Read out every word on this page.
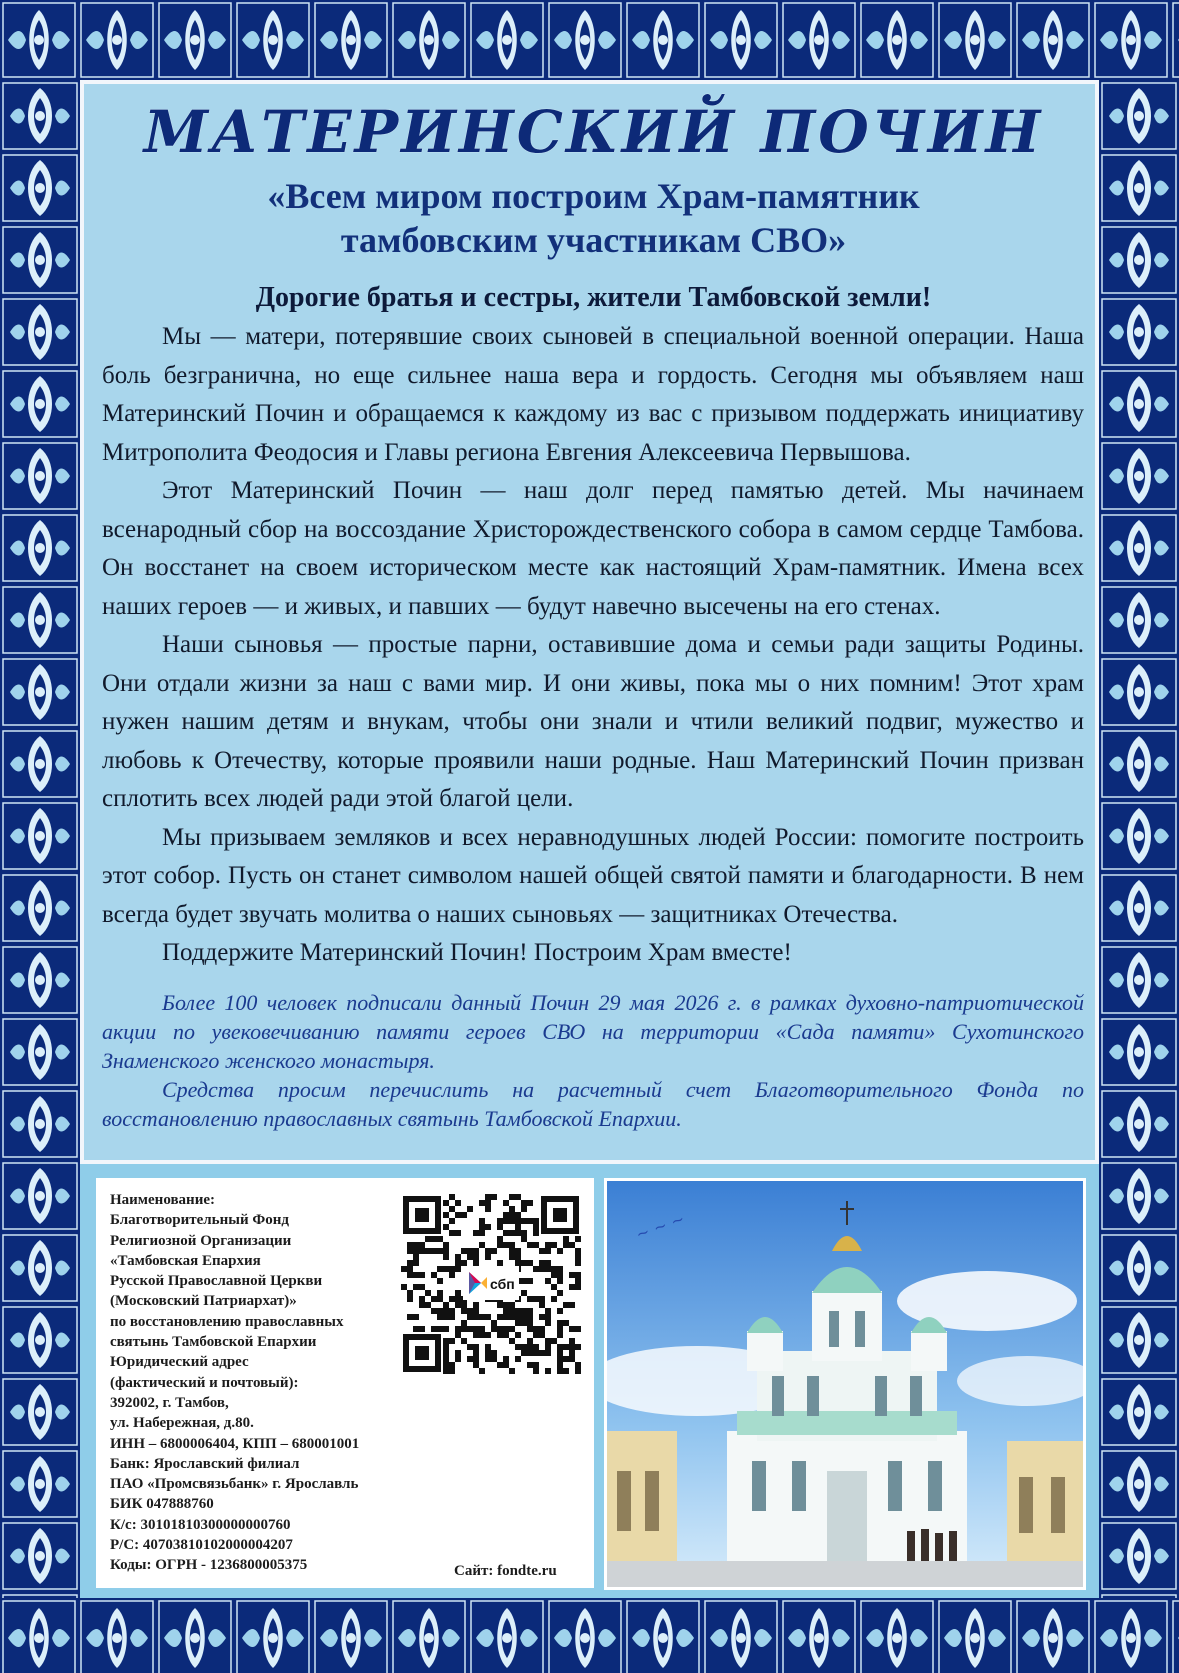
МАТЕРИНСКИЙ ПОЧИН
«Всем миром построим Храм-памятник
тамбовским участникам СВО»
Дорогие братья и сестры, жители Тамбовской земли!

Мы — матери, потерявшие своих сыновей в специальной военной операции. Наша боль безгранична, но еще сильнее наша вера и гордость. Сегодня мы объявляем наш Материнский Почин и обращаемся к каждому из вас с призывом поддержать инициативу Митрополита Феодосия и Главы региона Евгения Алексеевича Первышова.

Этот Материнский Почин — наш долг перед памятью детей. Мы начинаем всенародный сбор на воссоздание Христорождественского собора в самом сердце Тамбова. Он восстанет на своем историческом месте как настоящий Храм-памятник. Имена всех наших героев — и живых, и павших — будут навечно высечены на его стенах.

Наши сыновья — простые парни, оставившие дома и семьи ради защиты Родины. Они отдали жизни за наш с вами мир. И они живы, пока мы о них помним! Этот храм нужен нашим детям и внукам, чтобы они знали и чтили великий подвиг, мужество и любовь к Отечеству, которые проявили наши родные. Наш Материнский Почин призван сплотить всех людей ради этой благой цели.

Мы призываем земляков и всех неравнодушных людей России: помогите построить этот собор. Пусть он станет символом нашей общей святой памяти и благодарности. В нем всегда будет звучать молитва о наших сыновьях — защитниках Отечества.

Поддержите Материнский Почин! Построим Храм вместе!

Более 100 человек подписали данный Почин 29 мая 2026 г. в рамках духовно-патриотической акции по увековечиванию памяти героев СВО на территории «Сада памяти» Сухотинского Знаменского женского монастыря.

Средства просим перечислить на расчетный счет Благотворительного Фонда по восстановлению православных святынь Тамбовской Епархии.

Наименование:
Благотворительный Фонд
Религиозной Организации
«Тамбовская Епархия
Русской Православной Церкви
(Московский Патриархат)»
по восстановлению православных
святынь Тамбовской Епархии
Юридический адрес
(фактический и почтовый):
392002, г. Тамбов,
ул. Набережная, д.80.
ИНН – 6800006404, КПП – 680001001
Банк: Ярославский филиал
ПАО «Промсвязьбанк» г. Ярославль
БИК 047888760
К/с: 30101810300000000760
Р/С: 40703810102000004207
Коды: ОГРН - 1236800005375
сбп
Сайт: fondte.ru
~ ~ ~
